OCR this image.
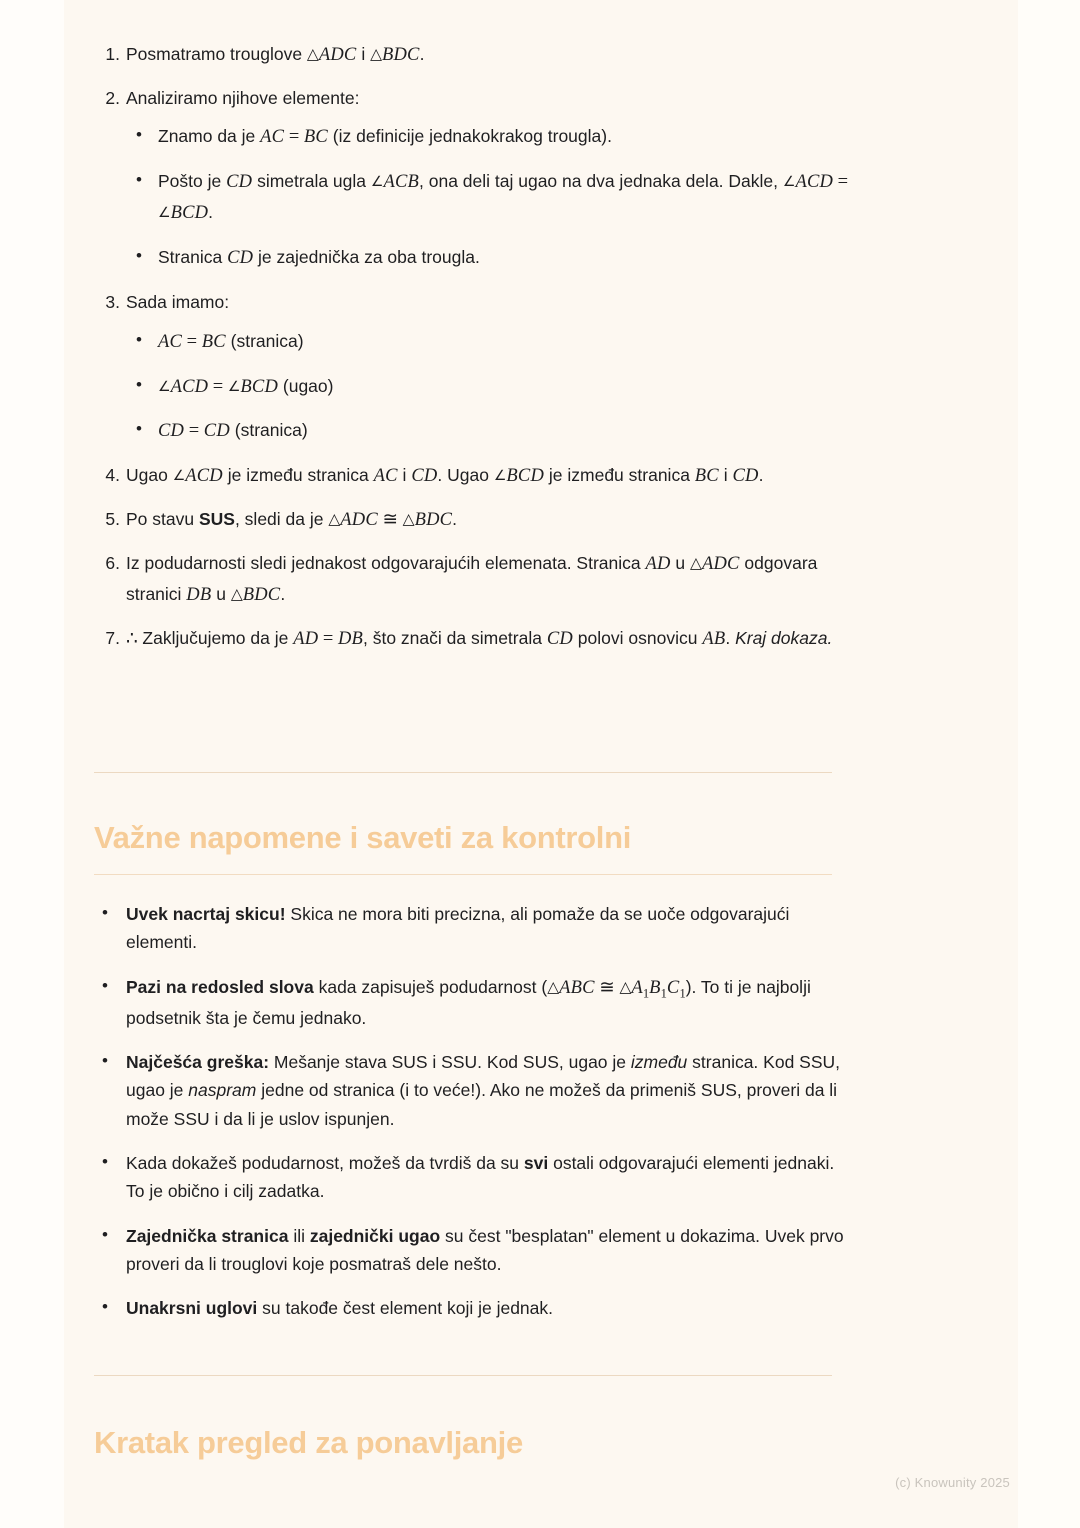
1. Posmatramo trouglove △ADC i △BDC.
2. Analiziramo njihove elemente:
• Znamo da je AC = BC (iz definicije jednakokrakog trougla).
• Pošto je CD simetrala ugla ∠ACB, ona deli taj ugao na dva jednaka dela. Dakle, ∠ACD = ∠BCD.
• Stranica CD je zajednička za oba trougla.
3. Sada imamo:
• AC = BC (stranica)
• ∠ACD = ∠BCD (ugao)
• CD = CD (stranica)
4. Ugao ∠ACD je između stranica AC i CD. Ugao ∠BCD je između stranica BC i CD.
5. Po stavu SUS, sledi da je △ADC ≅ △BDC.
6. Iz podudarnosti sledi jednakost odgovarajućih elemenata. Stranica AD u △ADC odgovara stranici DB u △BDC.
7. ∴ Zaključujemo da je AD = DB, što znači da simetrala CD polovi osnovicu AB. Kraj dokaza.
Važne napomene i saveti za kontrolni
• Uvek nacrtaj skicu! Skica ne mora biti precizna, ali pomaže da se uoče odgovarajući elementi.
• Pazi na redosled slova kada zapisuješ podudarnost (△ABC ≅ $\triangle A_1B_1C_1$). To ti je najbolji podsetnik šta je čemu jednako.
• Najčešća greška: Mešanje stava SUS i SSU. Kod SUS, ugao je između stranica. Kod SSU, ugao je naspram jedne od stranica (i to veće!). Ako ne možeš da primeniš SUS, proveri da li može SSU i da li je uslov ispunjen.
• Kada dokažeš podudarnost, možeš da tvrdiš da su svi ostali odgovarajući elementi jednaki. To je obično i cilj zadatka.
• Zajednička stranica ili zajednički ugao su čest "besplatan" element u dokazima. Uvek prvo proveri da li trouglovi koje posmatraš dele nešto.
• Unakrsni uglovi su takođe čest element koji je jednak.
Kratak pregled za ponavljanje
(c) Knowunity 2025
